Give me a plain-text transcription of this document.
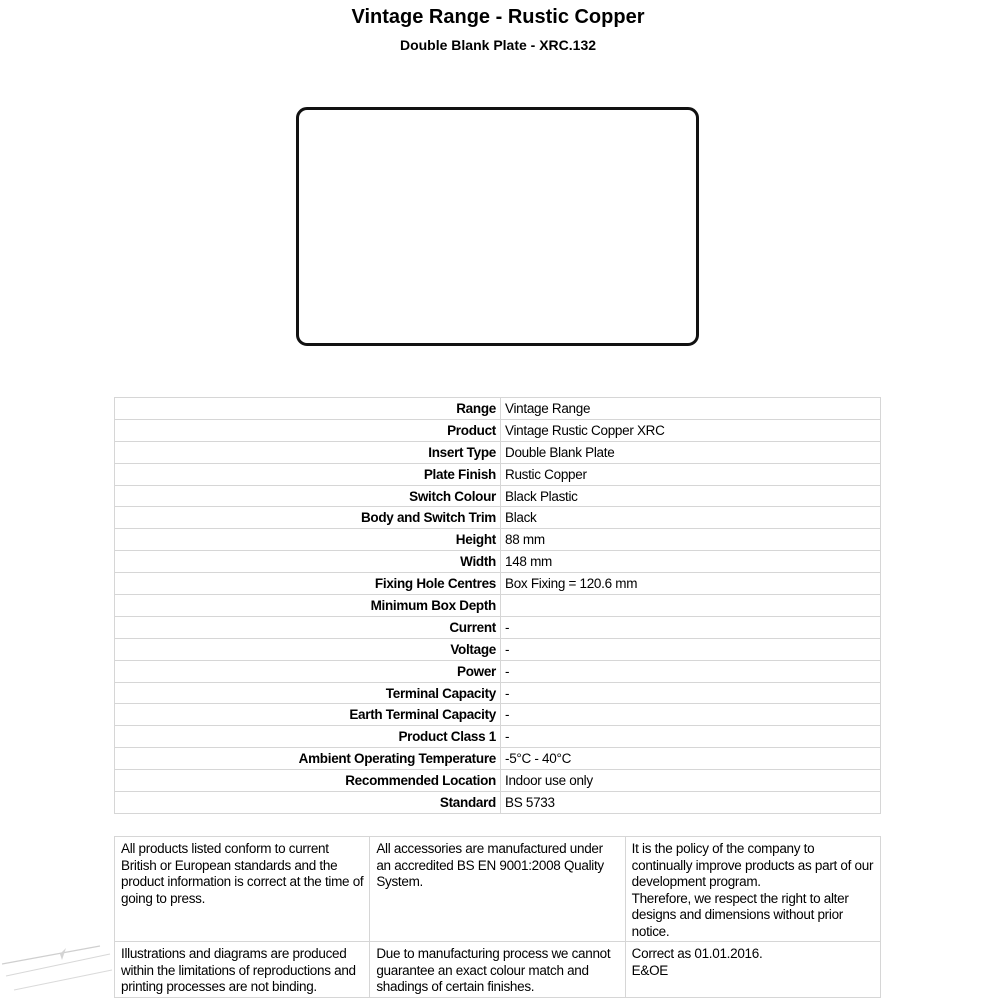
Vintage Range - Rustic Copper
Double Blank Plate - XRC.132
Range	Vintage Range
Product	Vintage Rustic Copper XRC
Insert Type	Double Blank Plate
Plate Finish	Rustic Copper
Switch Colour	Black Plastic
Body and Switch Trim	Black
Height	88 mm
Width	148 mm
Fixing Hole Centres	Box Fixing = 120.6 mm
Minimum Box Depth	
Current	-
Voltage	-
Power	-
Terminal Capacity	-
Earth Terminal Capacity	-
Product Class 1	-
Ambient Operating Temperature	-5°C - 40°C
Recommended Location	Indoor use only
Standard	BS 5733
All products listed conform to current British or European standards and the product information is correct at the time of going to press.	All accessories are manufactured under an accredited BS EN 9001:2008 Quality System.	It is the policy of the company to continually improve products as part of our development program.
Therefore, we respect the right to alter designs and dimensions without prior notice.

Illustrations and diagrams are produced within the limitations of reproductions and printing processes are not binding.	Due to manufacturing process we cannot guarantee an exact colour match and shadings of certain finishes.	Correct as 01.01.2016.
E&OE
